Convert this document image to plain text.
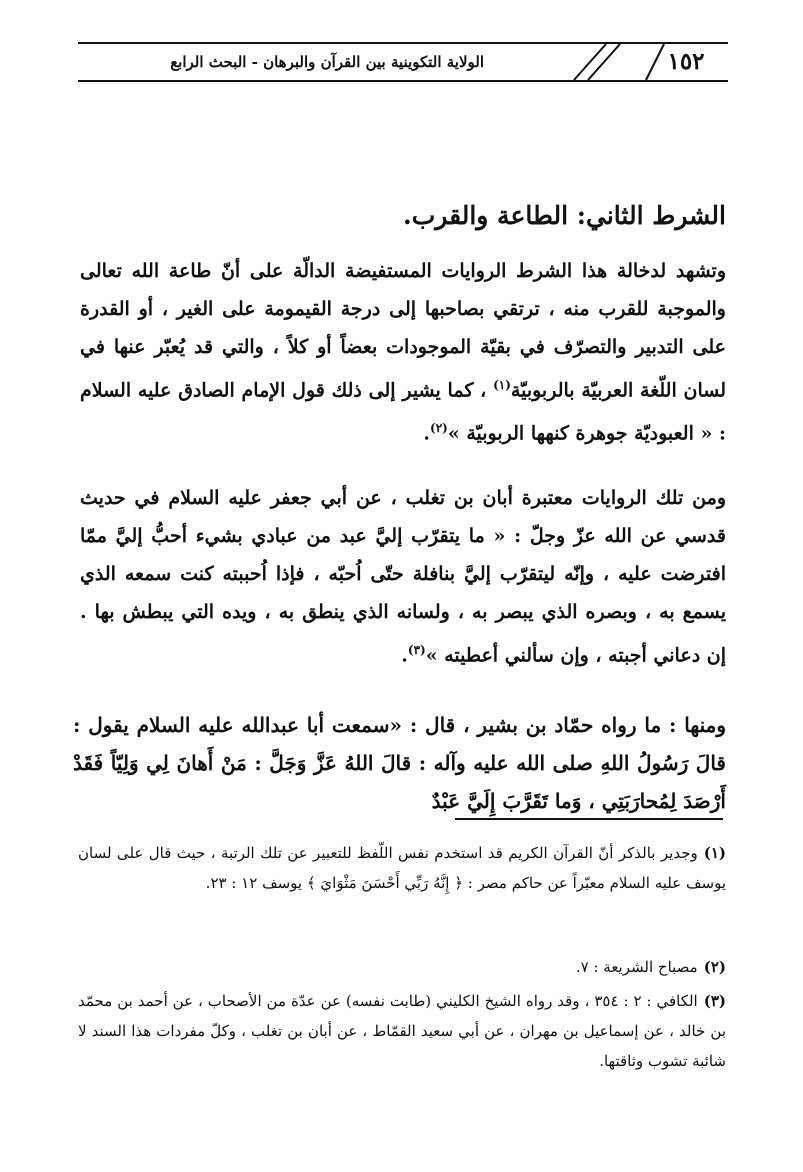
١٥٢
الولاية التكوينية بين القرآن والبرهان - البحث الرابع
الشرط الثاني: الطاعة والقرب.

وتشهد لدخالة هذا الشرط الروايات المستفيضة الدالّة على أنّ طاعة الله تعالى والموجبة للقرب منه ، ترتقي بصاحبها إلى درجة القيمومة على الغير ، أو القدرة على التدبير والتصرّف في بقيّة الموجودات بعضاً أو كلاً ، والتي قد يُعبّر عنها في لسان اللّغة العربيّة بالربوبيّة$^{(١)}$ ، كما يشير إلى ذلك قول الإمام الصادق عليه السلام : « العبوديّة جوهرة كنهها الربوبيّة »$^{(٢)}$.

ومن تلك الروايات معتبرة أبان بن تغلب ، عن أبي جعفر عليه السلام في حديث قدسي عن الله عزّ وجلّ : « ما يتقرّب إليَّ عبد من عبادي بشيء أحبُّ إليَّ ممّا افترضت عليه ، وإنّه ليتقرّب إليَّ بنافلة حتّى اُحبّه ، فإذا اُحببته كنت سمعه الذي يسمع به ، وبصره الذي يبصر به ، ولسانه الذي ينطق به ، ويده التي يبطش بها . إن دعاني أجبته ، وإن سألني أعطيته »$^{(٣)}$.

ومنها : ما رواه حمّاد بن بشير ، قال : «سمعت أبا عبدالله عليه السلام يقول : قالَ رَسُولُ اللهِ صلى الله عليه وآله : قالَ اللهُ عَزَّ وَجَلَّ : مَنْ أَهانَ لِي وَلِيّاً فَقَدْ أَرْصَدَ لِمُحارَبَتِي ، وَما تَقَرَّبَ إِلَيَّ عَبْدٌ

(١)وجدير بالذكر أنّ القرآن الكريم قد استخدم نفس اللّفظ للتعبير عن تلك الرتبة ، حيث قال على لسان يوسف عليه السلام معبّراً عن حاكم مصر : ﴿ إِنَّهُ رَبِّي أَحْسَنَ مَثْوَايَ ﴾ يوسف ١٢ : ٢٣.

(٢)مصباح الشريعة : ٧.

(٣)الكافي : ٢ : ٣٥٤ ، وقد رواه الشيخ الكليني (طابت نفسه) عن عدّة من الأصحاب ، عن أحمد بن محمّد بن خالد ، عن إسماعيل بن مهران ، عن أبي سعيد القمّاط ، عن أبان بن تغلب ، وكلّ مفردات هذا السند لا شائبة تشوب وثاقتها.
